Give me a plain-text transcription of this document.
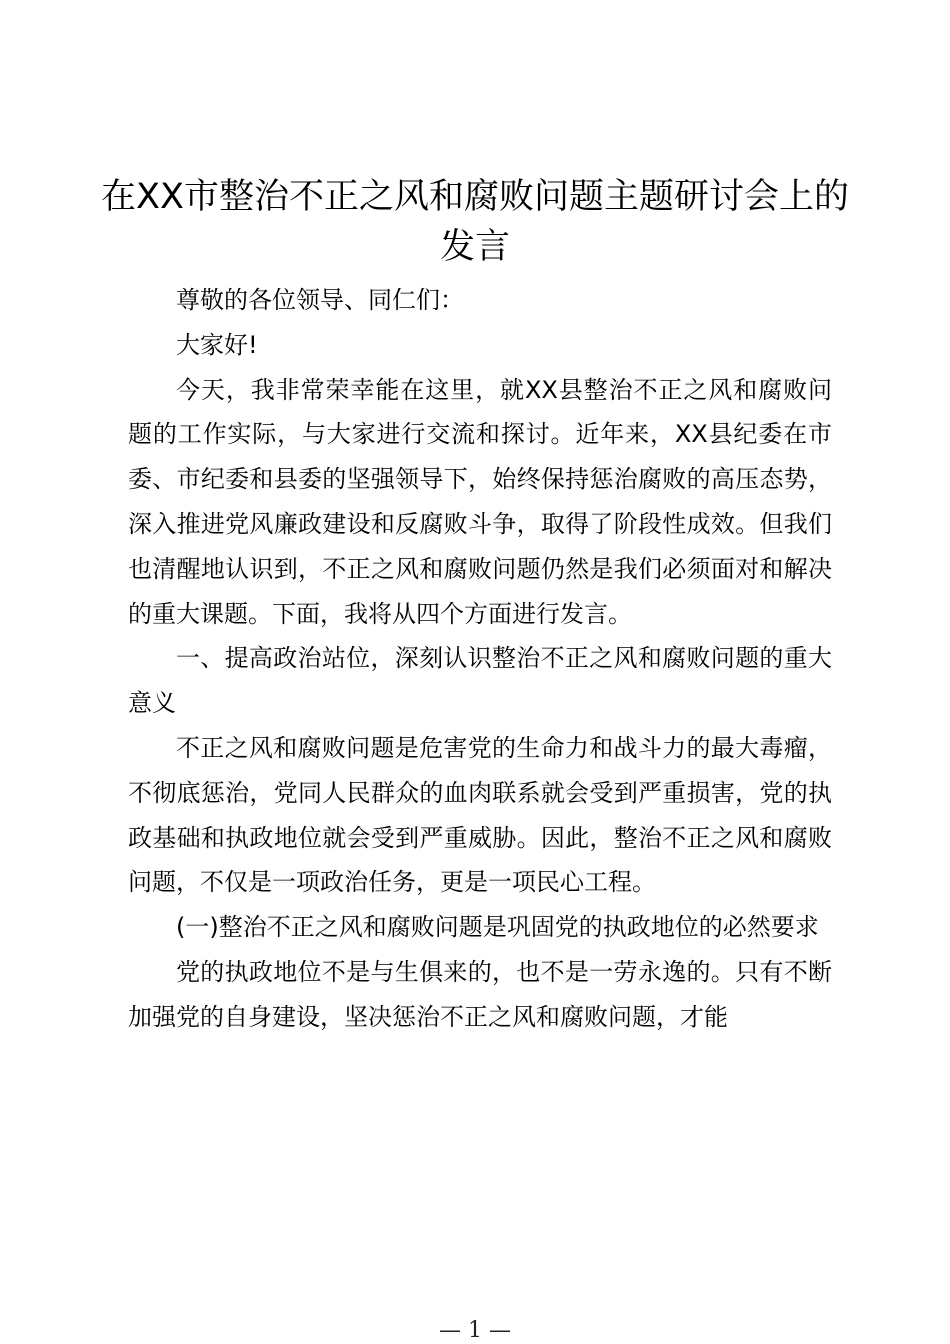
在XX市整治不正之风和腐败问题主题研讨会上的发言

尊敬的各位领导、同仁们：

大家好!

今天，我非常荣幸能在这里，就XX县整治不正之风和腐败问题的工作实际，与大家进行交流和探讨。近年来，XX县纪委在市委、市纪委和县委的坚强领导下，始终保持惩治腐败的高压态势，深入推进党风廉政建设和反腐败斗争，取得了阶段性成效。但我们也清醒地认识到，不正之风和腐败问题仍然是我们必须面对和解决的重大课题。下面，我将从四个方面进行发言。

一、提高政治站位，深刻认识整治不正之风和腐败问题的重大意义

不正之风和腐败问题是危害党的生命力和战斗力的最大毒瘤，不彻底惩治，党同人民群众的血肉联系就会受到严重损害，党的执政基础和执政地位就会受到严重威胁。因此，整治不正之风和腐败问题，不仅是一项政治任务，更是一项民心工程。

(一)整治不正之风和腐败问题是巩固党的执政地位的必然要求

党的执政地位不是与生俱来的，也不是一劳永逸的。只有不断加强党的自身建设，坚决惩治不正之风和腐败问题，才能

— 1 —
